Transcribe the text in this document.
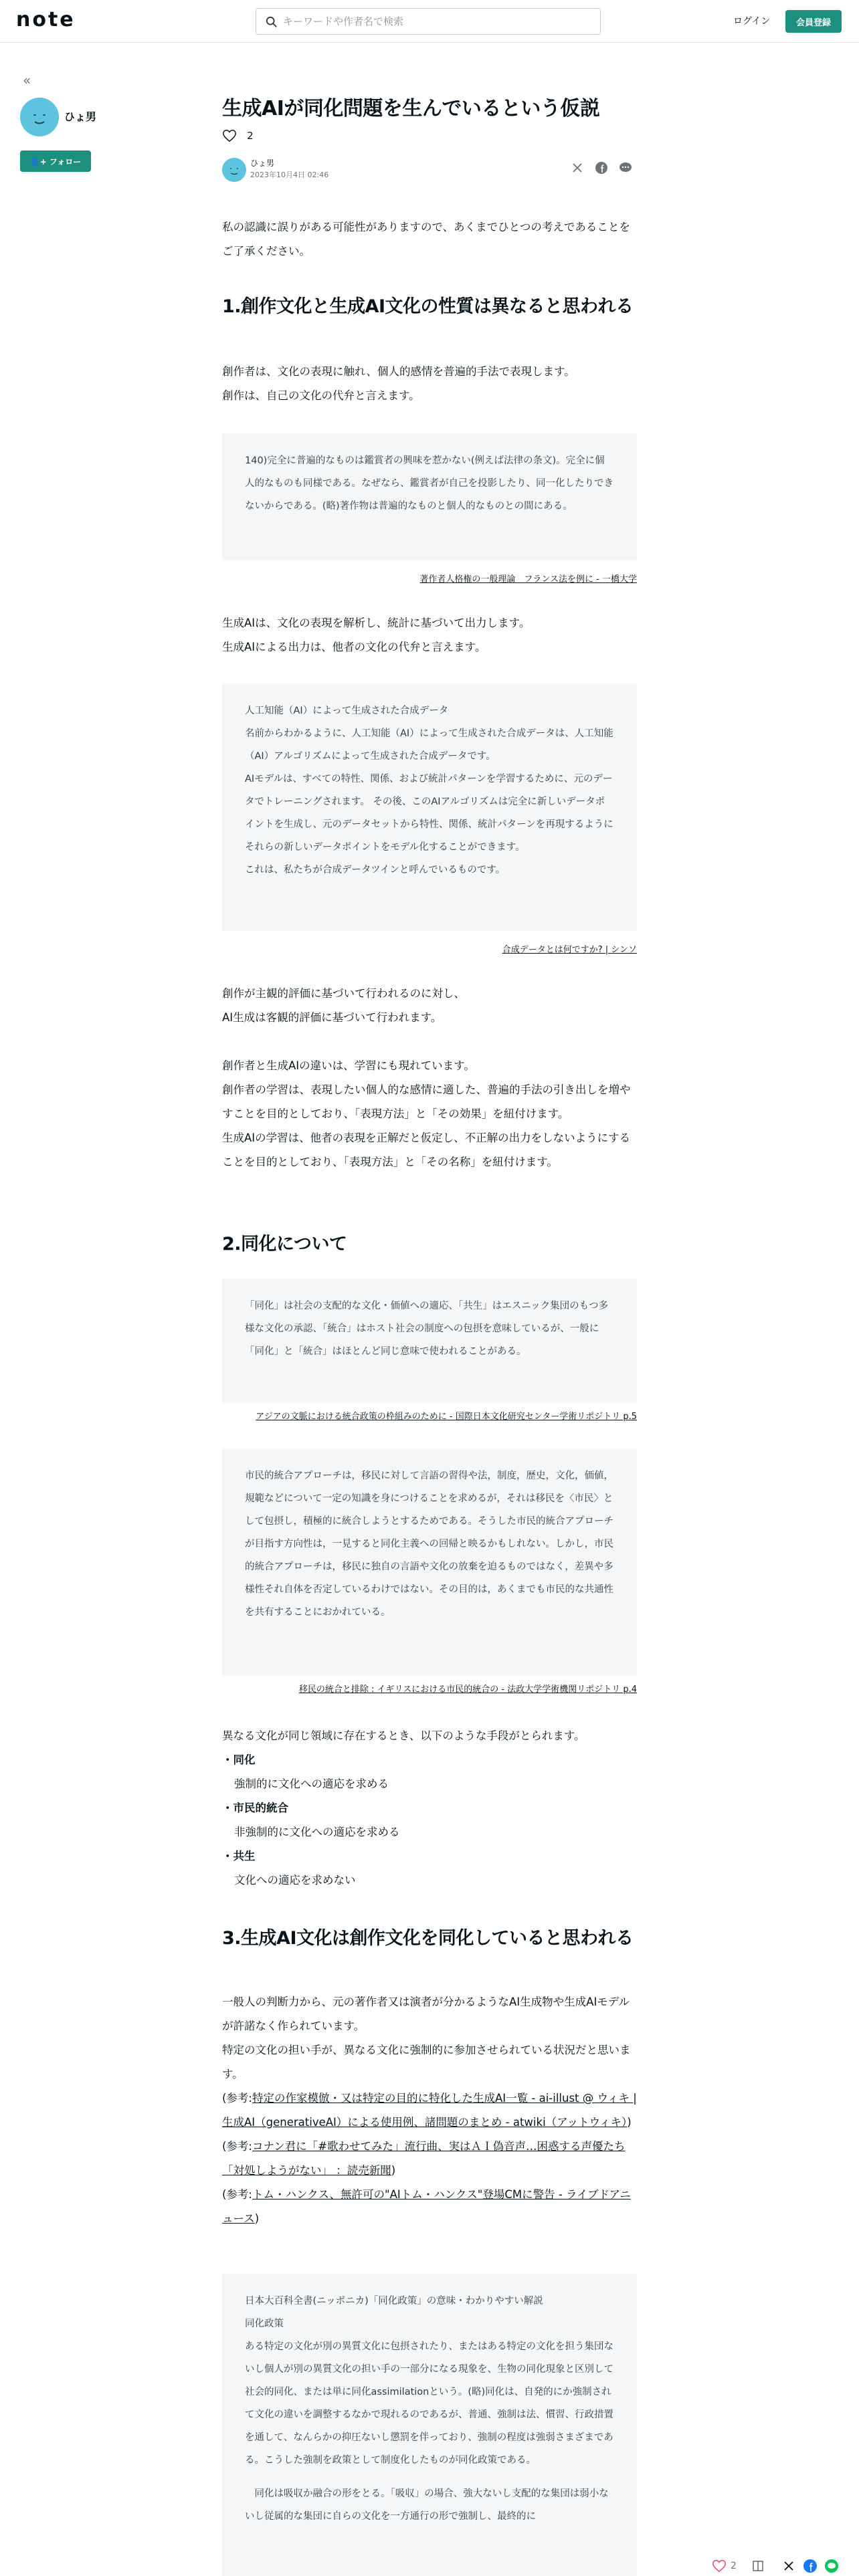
note
キーワードや作者名で検索	ログイン	会員登録
«
ひょ男
👤+ フォロー
生成AIが同化問題を生んでいるという仮説
2
ひょ男
2023年10月4日 02:46

私の認識に誤りがある可能性がありますので、あくまでひとつの考えであることをご了承ください。

1.創作文化と生成AI文化の性質は異なると思われる

創作者は、文化の表現に触れ、個人的感情を普遍的手法で表現します。

創作は、自己の文化の代弁と言えます。

140)完全に普遍的なものは鑑賞者の興味を惹かない(例えば法律の条文)。完全に個人的なものも同様である。なぜなら、鑑賞者が自己を投影したり、同一化したりできないからである。(略)著作物は普遍的なものと個人的なものとの間にある。

著作者人格権の一般理論　フランス法を例に - 一橋大学

生成AIは、文化の表現を解析し、統計に基づいて出力します。

生成AIによる出力は、他者の文化の代弁と言えます。

人工知能（AI）によって生成された合成データ

名前からわかるように、人工知能（AI）によって生成された合成データは、人工知能（AI）アルゴリズムによって生成された合成データです。

AIモデルは、すべての特性、関係、および統計パターンを学習するために、元のデータでトレーニングされます。 その後、このAIアルゴリズムは完全に新しいデータポイントを生成し、元のデータセットから特性、関係、統計パターンを再現するようにそれらの新しいデータポイントをモデル化することができます。

これは、私たちが合成データツインと呼んでいるものです。

合成データとは何ですか? | シンソ

創作が主観的評価に基づいて行われるのに対し、

AI生成は客観的評価に基づいて行われます。

創作者と生成AIの違いは、学習にも現れています。

創作者の学習は、表現したい個人的な感情に適した、普遍的手法の引き出しを増やすことを目的としており、「表現方法」と「その効果」を紐付けます。

生成AIの学習は、他者の表現を正解だと仮定し、不正解の出力をしないようにすることを目的としており、「表現方法」と「その名称」を紐付けます。

2.同化について

「同化」は社会の支配的な文化・価値への適応、「共生」はエスニック集団のもつ多様な文化の承認、「統合」はホスト社会の制度への包摂を意味しているが、一般に「同化」と「統合」はほとんど同じ意味で使われることがある。

アジアの文脈における統合政策の枠組みのために - 国際日本文化研究センター学術リポジトリ p.5

市民的統合アプローチは，移民に対して言語の習得や法，制度，歴史，文化，価値，規範などについて一定の知識を身につけることを求めるが，それは移民を〈市民〉として包摂し，積極的に統合しようとするためである。そうした市民的統合アプローチが目指す方向性は，一見すると同化主義への回帰と映るかもしれない。しかし，市民的統合アプローチは，移民に独自の言語や文化の放棄を迫るものではなく，差異や多様性それ自体を否定しているわけではない。その目的は，あくまでも市民的な共通性を共有することにおかれている。

移民の統合と排除 : イギリスにおける市民的統合の - 法政大学学術機関リポジトリ p.4

異なる文化が同じ領域に存在するとき、以下のような手段がとられます。

・同化

強制的に文化への適応を求める

・市民的統合

非強制的に文化への適応を求める

・共生

文化への適応を求めない

3.生成AI文化は創作文化を同化していると思われる

一般人の判断力から、元の著作者又は演者が分かるようなAI生成物や生成AIモデルが許諾なく作られています。

特定の文化の担い手が、異なる文化に強制的に参加させられている状況だと思います。

(参考:特定の作家模倣・又は特定の目的に特化した生成AI一覧 - ai-illust @ ウィキ | 生成AI（generativeAI）による使用例、諸問題のまとめ - atwiki（アットウィキ）)

(参考:コナン君に「#歌わせてみた」流行曲、実はＡＩ偽音声…困惑する声優たち「対処しようがない」 ：読売新聞)

(参考:トム・ハンクス、無許可の"AIトム・ハンクス"登場CMに警告 - ライブドアニュース)

日本大百科全書(ニッポニカ)「同化政策」の意味・わかりやすい解説

同化政策

ある特定の文化が別の異質文化に包摂されたり、またはある特定の文化を担う集団ないし個人が別の異質文化の担い手の一部分になる現象を、生物の同化現象と区別して社会的同化、または単に同化assimilationという。(略)同化は、自発的にか強制されて文化の違いを調整するなかで現れるのであるが、普通、強制は法、慣習、行政措置を通して、なんらかの抑圧ないし懲罰を伴っており、強制の程度は強弱さまざまである。こうした強制を政策として制度化したものが同化政策である。

　同化は吸収か融合の形をとる。「吸収」の場合、強大ないし支配的な集団は弱小ないし従属的な集団に自らの文化を一方通行の形で強制し、最終的に

2
